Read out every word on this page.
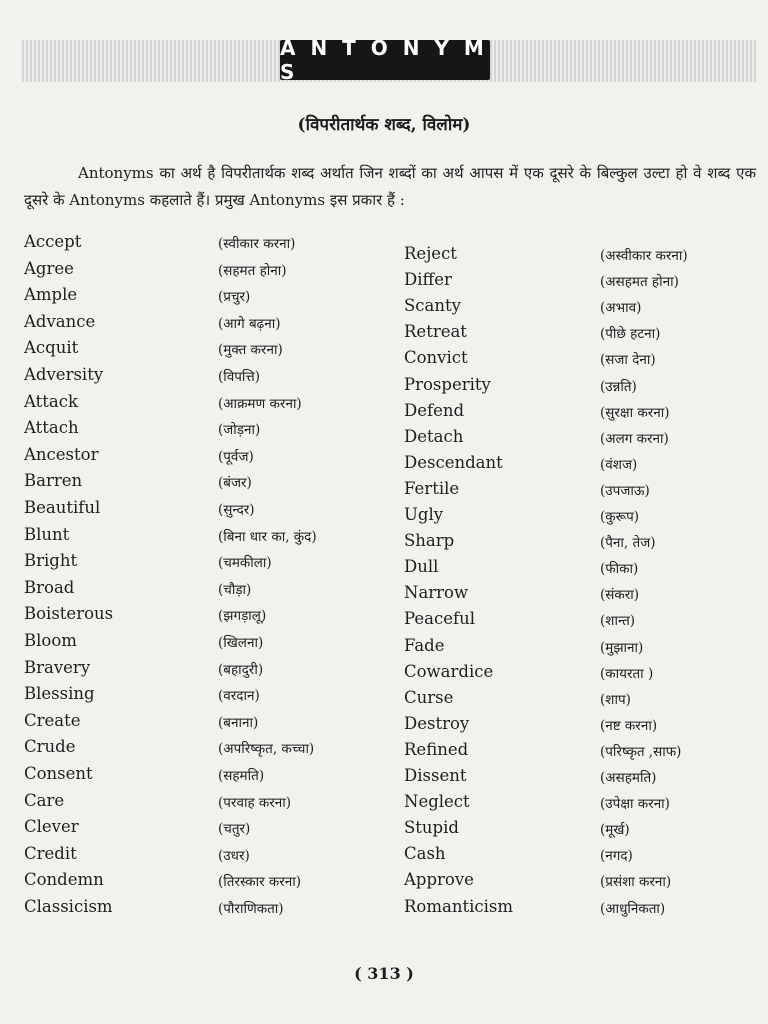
A N T O N Y M S
(विपरीतार्थक शब्द, विलोम)

Antonyms का अर्थ है विपरीतार्थक शब्द अर्थात जिन शब्दों का अर्थ आपस में एक दूसरे के बिल्कुल उल्टा हो वे शब्द एक दूसरे के Antonyms कहलाते हैं। प्रमुख Antonyms इस प्रकार हैं :

Accept	(स्वीकार करना)
Agree	(सहमत होना)
Ample	(प्रचुर)
Advance	(आगे बढ़ना)
Acquit	(मुक्त करना)
Adversity	(विपत्ति)
Attack	(आक्रमण करना)
Attach	(जोड़ना)
Ancestor	(पूर्वज)
Barren	(बंजर)
Beautiful	(सुन्दर)
Blunt	(बिना धार का, कुंद)
Bright	(चमकीला)
Broad	(चौड़ा)
Boisterous	(झगड़ालू)
Bloom	(खिलना)
Bravery	(बहादुरी)
Blessing	(वरदान)
Create	(बनाना)
Crude	(अपरिष्कृत, कच्चा)
Consent	(सहमति)
Care	(परवाह करना)
Clever	(चतुर)
Credit	(उधर)
Condemn	(तिरस्कार करना)
Classicism	(पौराणिकता)
Reject	(अस्वीकार करना)
Differ	(असहमत होना)
Scanty	(अभाव)
Retreat	(पीछे हटना)
Convict	(सजा देना)
Prosperity	(उन्नति)
Defend	(सुरक्षा करना)
Detach	(अलग करना)
Descendant	(वंशज)
Fertile	(उपजाऊ)
Ugly	(कुरूप)
Sharp	(पैना, तेज)
Dull	(फीका)
Narrow	(संकरा)
Peaceful	(शान्त)
Fade	(मुझाना)
Cowardice	(कायरता )
Curse	(शाप)
Destroy	(नष्ट करना)
Refined	(परिष्कृत ,साफ)
Dissent	(असहमति)
Neglect	(उपेक्षा करना)
Stupid	(मूर्ख)
Cash	(नगद)
Approve	(प्रसंशा करना)
Romanticism	(आधुनिकता)
( 313 )
